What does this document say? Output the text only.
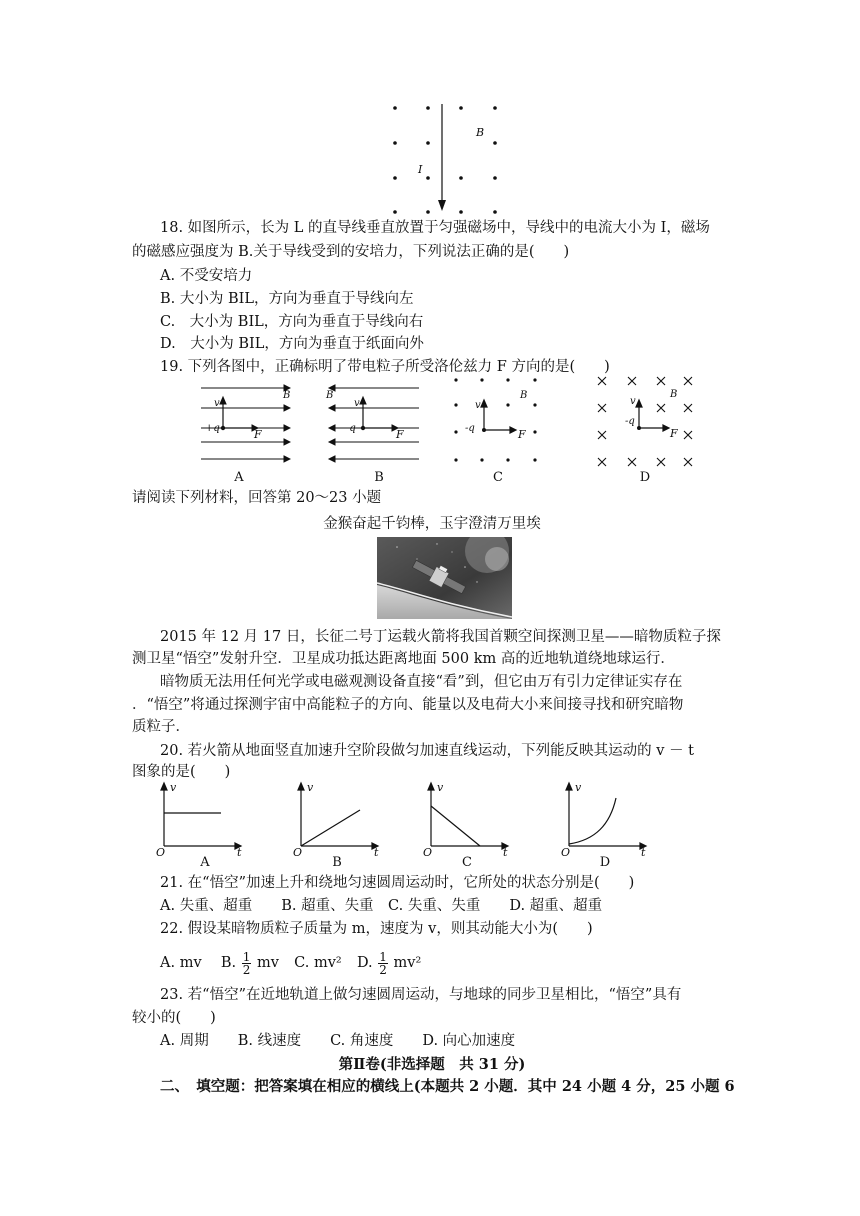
I
B
18. 如图所示，长为 L 的直导线垂直放置于匀强磁场中，导线中的电流大小为 I，磁场
的磁感应强度为 B.关于导线受到的安培力，下列说法正确的是(　　)
A. 不受安培力
B. 大小为 BIL，方向为垂直于导线向左
C.　大小为 BIL，方向为垂直于导线向右
D.　大小为 BIL，方向为垂直于纸面向外
19. 下列各图中，正确标明了带电粒子所受洛伦兹力 F 方向的是(　　)
v
+q	F
B
A
v
-q	F
B
B
v
-q	F
B
C
v
-q
F
B
D
请阅读下列材料，回答第 20～23 小题
金猴奋起千钧棒，玉宇澄清万里埃
2015 年 12 月 17 日，长征二号丁运载火箭将我国首颗空间探测卫星——暗物质粒子探
测卫星“悟空”发射升空．卫星成功抵达距离地面 500 km 高的近地轨道绕地球运行．
暗物质无法用任何光学或电磁观测设备直接“看”到，但它由万有引力定律证实存在
．“悟空”将通过探测宇宙中高能粒子的方向、能量以及电荷大小来间接寻找和研究暗物
质粒子．
20. 若火箭从地面竖直加速升空阶段做匀加速直线运动，下列能反映其运动的 v － t
图象的是(　　)
v
O	t
A
v
O	t
B
v
O	t
C
v
O	t
D
21. 在“悟空”加速上升和绕地匀速圆周运动时，它所处的状态分别是(　　)
A. 失重、超重　　B. 超重、失重　C. 失重、失重　　D. 超重、超重
22. 假设某暗物质粒子质量为 m，速度为 v，则其动能大小为(　　)
A. mv B. $\frac{1}{2}$ mv C. mv² D. $\frac{1}{2} mv^2$
23. 若“悟空”在近地轨道上做匀速圆周运动，与地球的同步卫星相比，“悟空”具有
较小的(　　)
A. 周期　　B. 线速度　　C. 角速度　　D. 向心加速度
第Ⅱ卷(非选择题　共 31 分)
二、　填空题：把答案填在相应的横线上(本题共 2 小题．其中 24 小题 4 分，25 小题 6
